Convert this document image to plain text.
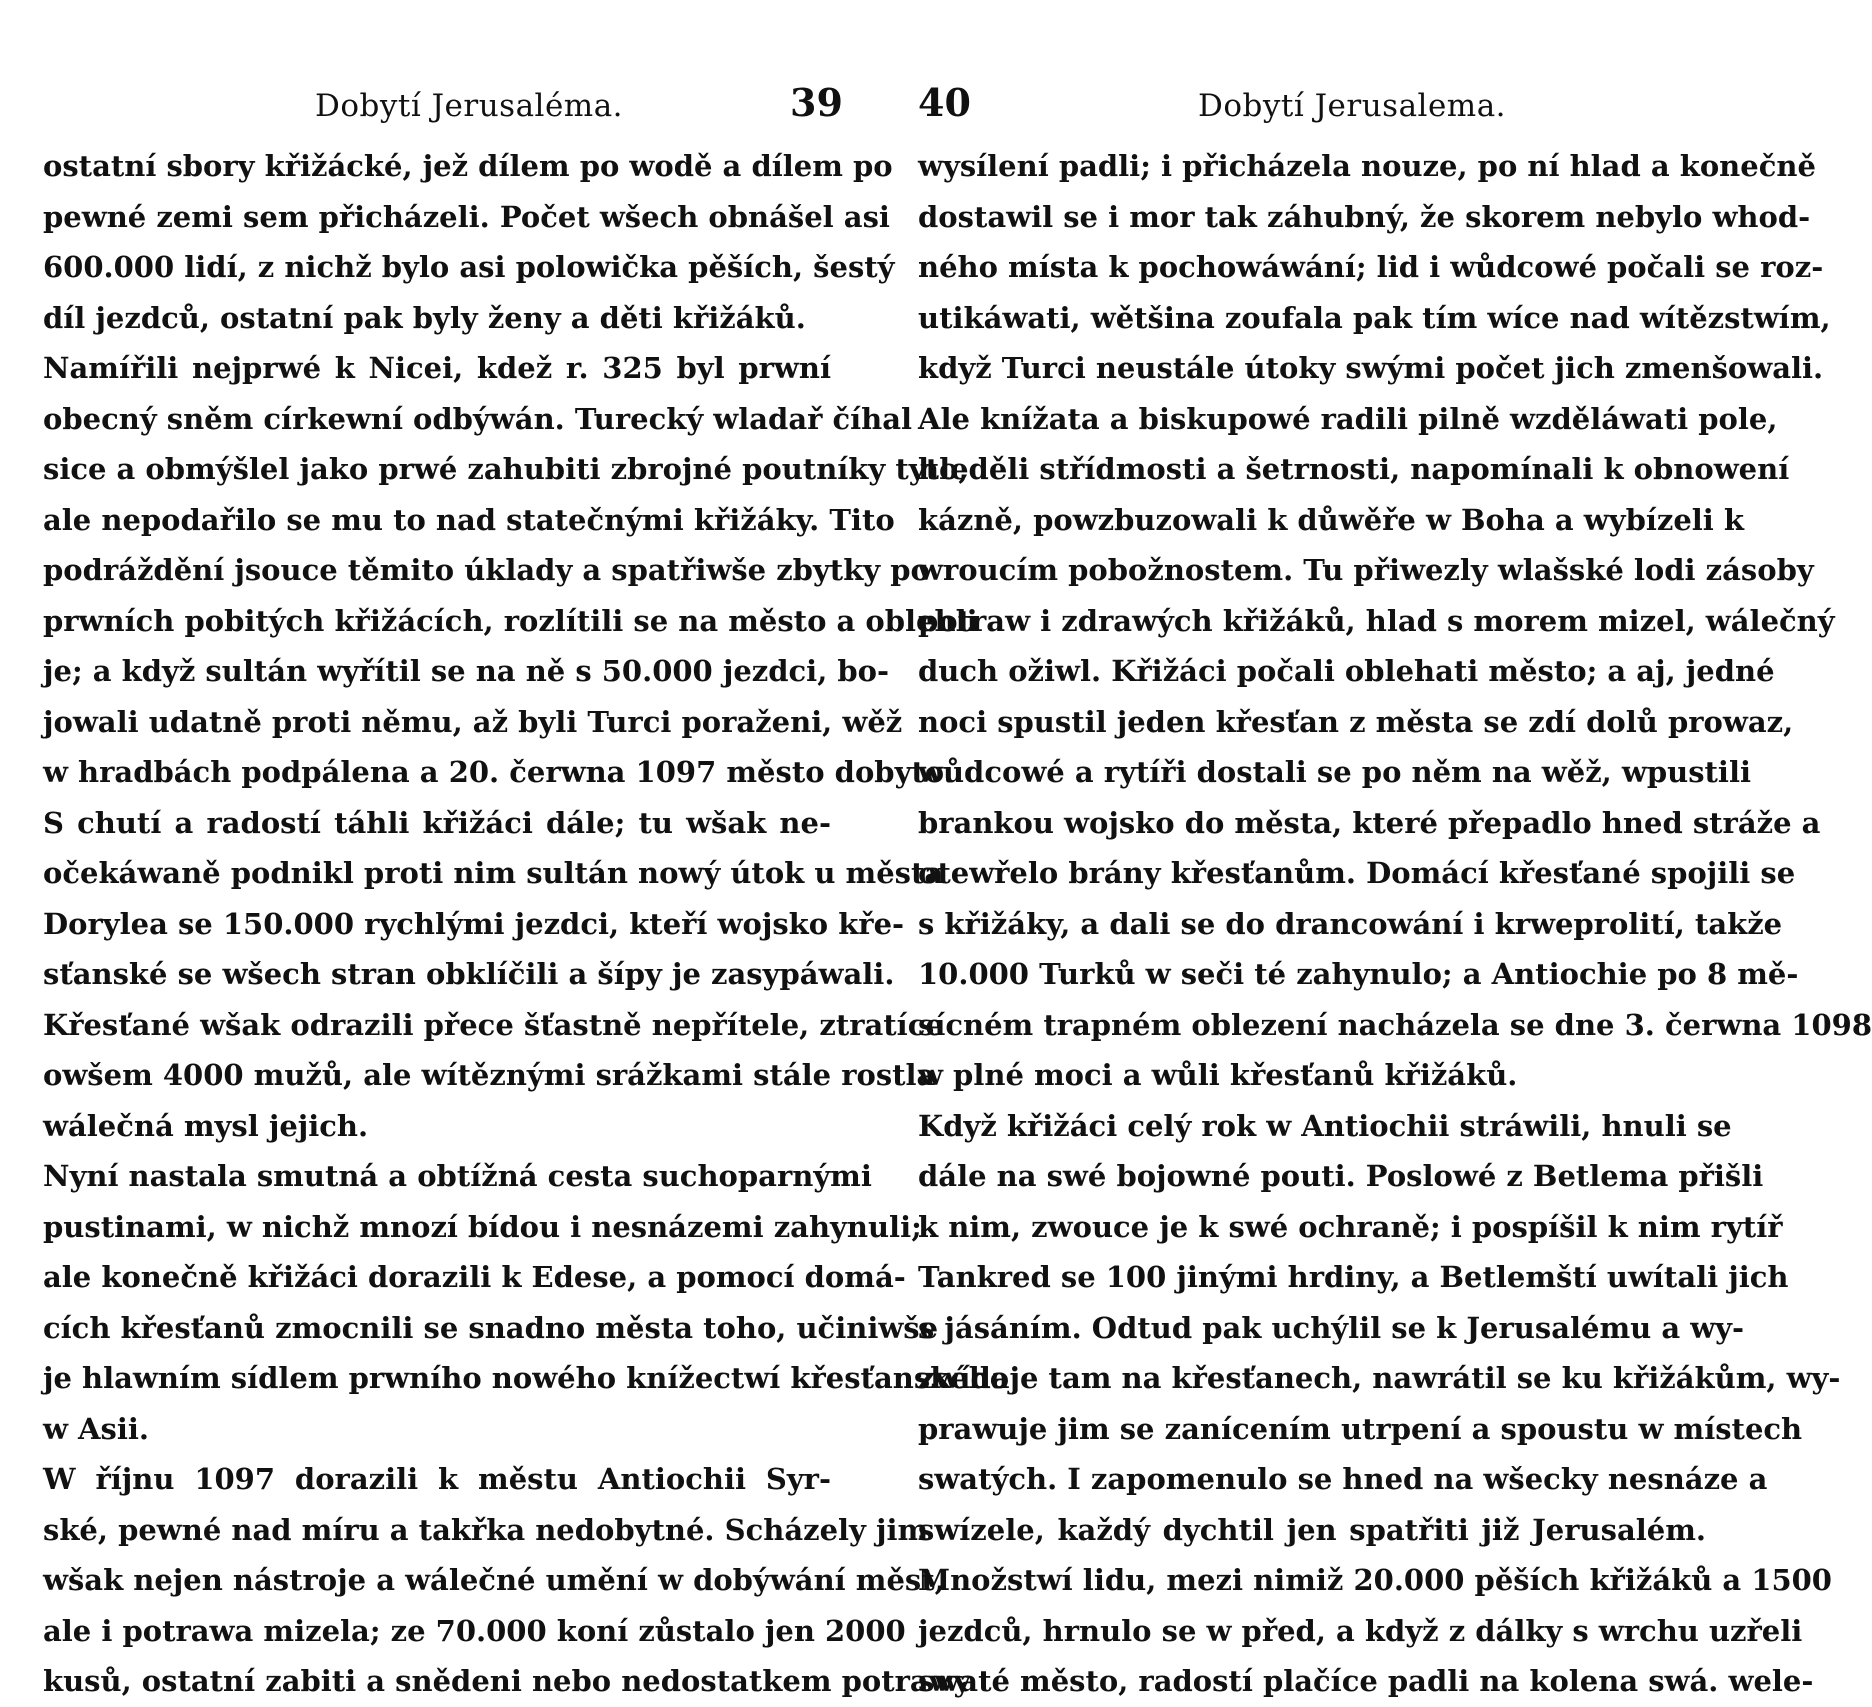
Dobytí Jerusaléma.	39
ostatní sbory křižácké, jež dílem po wodě a dílem po
pewné zemi sem přicházeli. Počet wšech obnášel asi
600.000 lidí, z nichž bylo asi polowička pěších, šestý
díl jezdců, ostatní pak byly ženy a děti křižáků.
Namířili nejprwé k Nicei, kdež r. 325 byl prwní
obecný sněm církewní odbýwán. Turecký wladař číhal
sice a obmýšlel jako prwé zahubiti zbrojné poutníky tyto,
ale nepodařilo se mu to nad statečnými křižáky. Tito
podráždění jsouce těmito úklady a spatřiwše zbytky po
prwních pobitých křižácích, rozlítili se na město a oblehli
je; a když sultán wyřítil se na ně s 50.000 jezdci, bo-
jowali udatně proti němu, až byli Turci poraženi, wěž
w hradbách podpálena a 20. čerwna 1097 město dobyto.
S chutí a radostí táhli křižáci dále; tu wšak ne-
očekáwaně podnikl proti nim sultán nowý útok u města
Dorylea se 150.000 rychlými jezdci, kteří wojsko kře-
sťanské se wšech stran obklíčili a šípy je zasypáwali.
Křesťané wšak odrazili přece šťastně nepřítele, ztratíce
owšem 4000 mužů, ale wítěznými srážkami stále rostla
wálečná mysl jejich.
Nyní nastala smutná a obtížná cesta suchoparnými
pustinami, w nichž mnozí bídou i nesnázemi zahynuli;
ale konečně křižáci dorazili k Edese, a pomocí domá-
cích křesťanů zmocnili se snadno města toho, učiniwše
je hlawním sídlem prwního nowého knížectwí křesťanského
w Asii.
W říjnu 1097 dorazili k městu Antiochii Syr-
ské, pewné nad míru a takřka nedobytné. Scházely jim
wšak nejen nástroje a wálečné umění w dobýwání měst,
ale i potrawa mizela; ze 70.000 koní zůstalo jen 2000
kusů, ostatní zabiti a snědeni nebo nedostatkem potrawy
40	Dobytí Jerusalema.
wysílení padli; i přicházela nouze, po ní hlad a konečně
dostawil se i mor tak záhubný, že skorem nebylo whod-
ného místa k pochowáwání; lid i wůdcowé počali se roz-
utikáwati, wětšina zoufala pak tím wíce nad wítězstwím,
když Turci neustále útoky swými počet jich zmenšowali.
Ale knížata a biskupowé radili pilně wzděláwati pole,
hleděli střídmosti a šetrnosti, napomínali k obnowení
kázně, powzbuzowali k důwěře w Boha a wybízeli k
wroucím pobožnostem. Tu přiwezly wlašské lodi zásoby
potraw i zdrawých křižáků, hlad s morem mizel, wálečný
duch ožiwl. Křižáci počali oblehati město; a aj, jedné
noci spustil jeden křesťan z města se zdí dolů prowaz,
wůdcowé a rytíři dostali se po něm na wěž, wpustili
brankou wojsko do města, které přepadlo hned stráže a
otewřelo brány křesťanům. Domácí křesťané spojili se
s křižáky, a dali se do drancowání i krweprolití, takže
10.000 Turků w seči té zahynulo; a Antiochie po 8 mě-
sícném trapném oblezení nacházela se dne 3. čerwna 1098
w plné moci a wůli křesťanů křižáků.
Když křižáci celý rok w Antiochii stráwili, hnuli se
dále na swé bojowné pouti. Poslowé z Betlema přišli
k nim, zwouce je k swé ochraně; i pospíšil k nim rytíř
Tankred se 100 jinými hrdiny, a Betlemští uwítali jich
s jásáním. Odtud pak uchýlil se k Jerusalému a wy-
zwídaje tam na křesťanech, nawrátil se ku křižákům, wy-
prawuje jim se zanícením utrpení a spoustu w místech
swatých. I zapomenulo se hned na wšecky nesnáze a
swízele, každý dychtil jen spatřiti již Jerusalém.
Množstwí lidu, mezi nimiž 20.000 pěších křižáků a 1500
jezdců, hrnulo se w před, a když z dálky s wrchu uzřeli
swaté město, radostí plačíce padli na kolena swá. wele-
